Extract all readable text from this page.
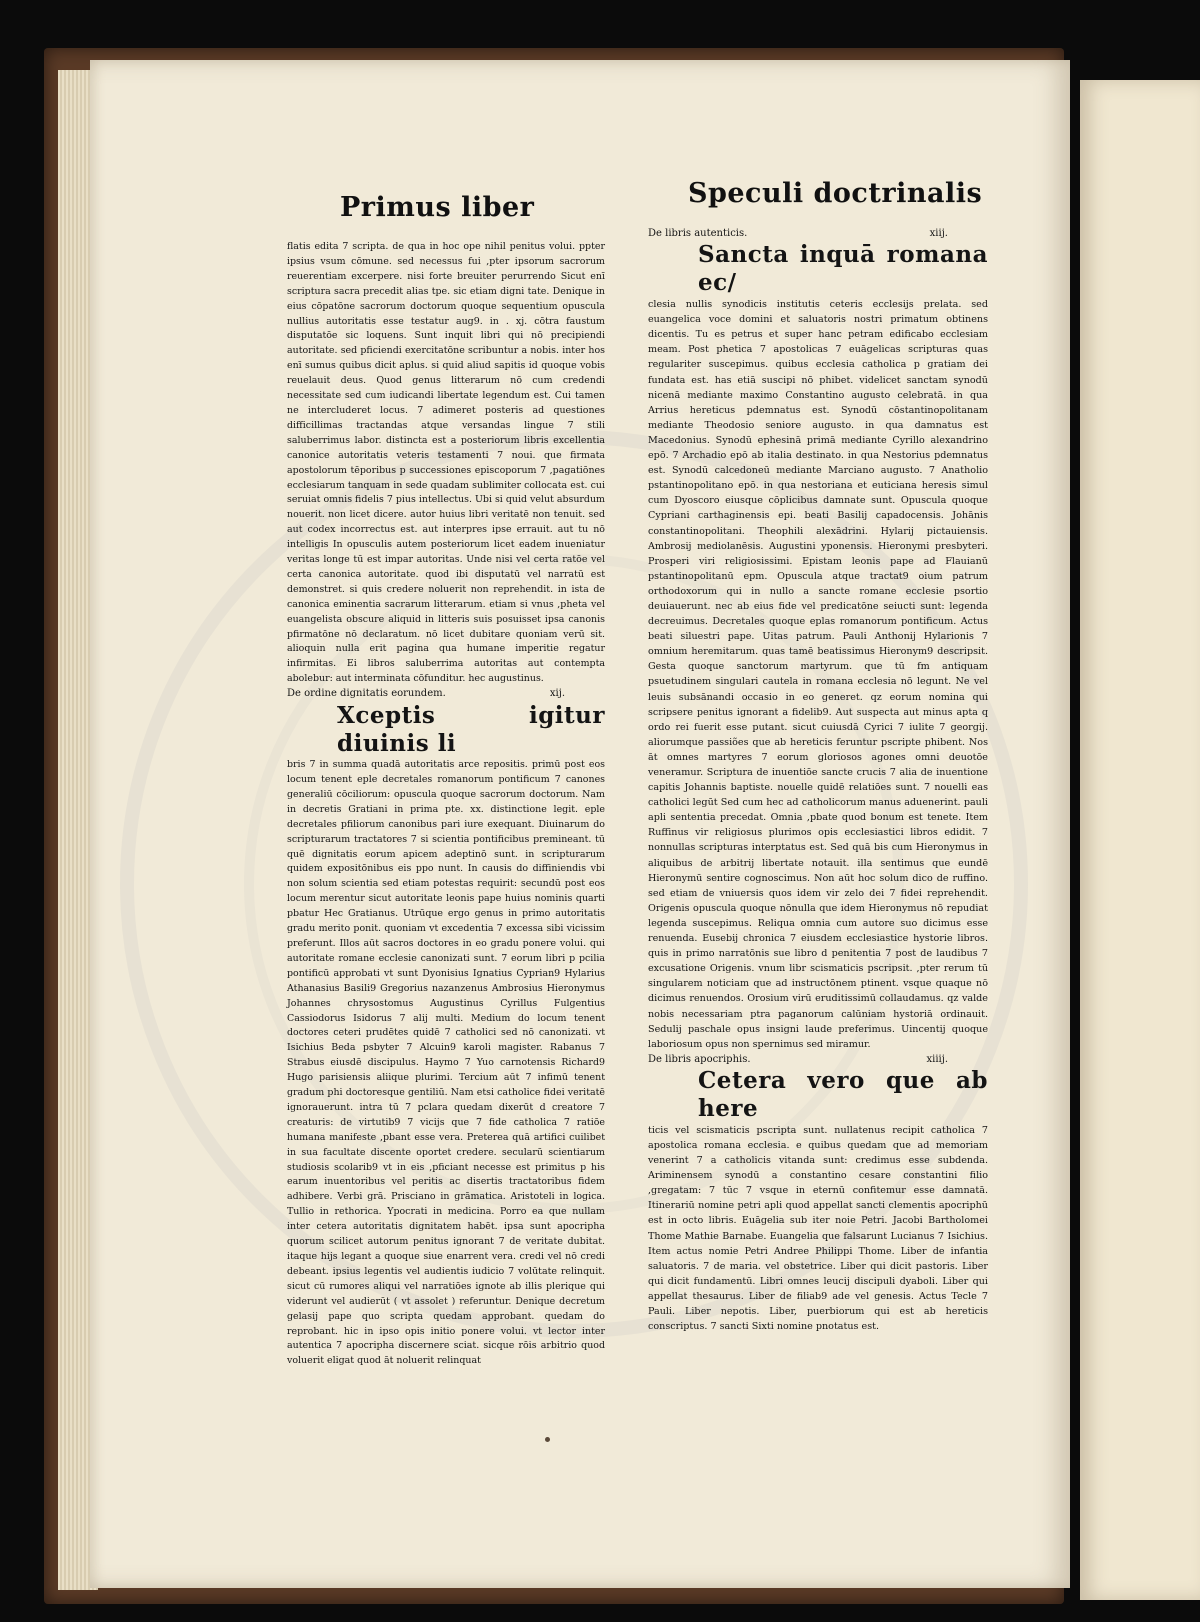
Primus liber	Speculi doctrinalis
flatis edita 7 scripta. de qua in hoc ope nihil penitus volui. ppter ipsius vsum cōmune. sed necessus fui ,pter ipsorum sacrorum reuerentiam excerpere. nisi forte breuiter perurrendo Sicut enī scriptura sacra precedit alias tpe. sic etiam digni tate. Denique in eius cōpatōne sacrorum doctorum quoque sequentium opuscula nullius autoritatis esse testatur aug9. in . xj. cōtra faustum disputatōe sic loquens. Sunt inquit libri qui nō precipiendi autoritate. sed pficiendi exercitatōne scribuntur a nobis. inter hos enī sumus quibus dicit aplus. si quid aliud sapitis id quoque vobis reuelauit deus. Quod genus litterarum nō cum credendi necessitate sed cum iudicandi libertate legendum est. Cui tamen ne intercluderet locus. 7 adimeret posteris ad questiones difficillimas tractandas atque versandas lingue 7 stili saluberrimus labor. distincta est a posteriorum libris excellentia canonice autoritatis veteris testamenti 7 noui. que firmata apostolorum tēporibus p successiones episcoporum 7 ,pagatiōnes ecclesiarum tanquam in sede quadam sublimiter collocata est. cui seruiat omnis fidelis 7 pius intellectus. Ubi si quid velut absurdum nouerit. non licet dicere. autor huius libri veritatē non tenuit. sed aut codex incorrectus est. aut interpres ipse errauit. aut tu nō intelligis In opusculis autem posteriorum licet eadem inueniatur veritas longe tū est impar autoritas. Unde nisi vel certa ratōe vel certa canonica autoritate. quod ibi disputatū vel narratū est demonstret. si quis credere noluerit non reprehendit. in ista de canonica eminentia sacrarum litterarum. etiam si vnus ,pheta vel euangelista obscure aliquid in litteris suis posuisset ipsa canonis pfirmatōne nō declaratum. nō licet dubitare quoniam verū sit. alioquin nulla erit pagina qua humane imperitie regatur infirmitas. Ei libros saluberrima autoritas aut contempta abolebur: aut interminata cōfunditur. hec augustinus.
De ordine dignitatis eorundem.	xij.
Xceptis igitur diuinis li
bris 7 in summa quadā autoritatis arce repositis. primū post eos locum tenent eple decretales romanorum pontificum 7 canones generaliū cōciliorum: opuscula quoque sacrorum doctorum. Nam in decretis Gratiani in prima pte. xx. distinctione legit. eple decretales pfiliorum canonibus pari iure exequant. Diuinarum do scripturarum tractatores 7 si scientia pontificibus premineant. tū quē dignitatis eorum apicem adeptinō sunt. in scripturarum quidem expositōnibus eis ppo nunt. In causis do diffiniendis vbi non solum scientia sed etiam potestas requirit: secundū post eos locum merentur sicut autoritate leonis pape huius nominis quarti pbatur Hec Gratianus. Utrūque ergo genus in primo autoritatis gradu merito ponit. quoniam vt excedentia 7 excessa sibi vicissim preferunt. Illos aūt sacros doctores in eo gradu ponere volui. qui autoritate romane ecclesie canonizati sunt. 7 eorum libri p pcilia pontificū approbati vt sunt Dyonisius Ignatius Cyprian9 Hylarius Athanasius Basili9 Gregorius nazanzenus Ambrosius Hieronymus Johannes chrysostomus Augustinus Cyrillus Fulgentius Cassiodorus Isidorus 7 alij multi. Medium do locum tenent doctores ceteri prudētes quidē 7 catholici sed nō canonizati. vt Isichius Beda psbyter 7 Alcuin9 karoli magister. Rabanus 7 Strabus eiusdē discipulus. Haymo 7 Yuo carnotensis Richard9 Hugo parisiensis aliique plurimi. Tercium aūt 7 infimū tenent gradum phi doctoresque gentiliū. Nam etsi catholice fidei veritatē ignorauerunt. intra tū 7 pclara quedam dixerūt d creatore 7 creaturis: de virtutib9 7 vicijs que 7 fide catholica 7 ratiōe humana manifeste ,pbant esse vera. Preterea quā artifici cuilibet in sua facultate discente oportet credere. secularū scientiarum studiosis scolarib9 vt in eis ,pficiant necesse est primitus p his earum inuentoribus vel peritis ac disertis tractatoribus fidem adhibere. Verbi grā. Prisciano in grāmatica. Aristoteli in logica. Tullio in rethorica. Ypocrati in medicina. Porro ea que nullam inter cetera autoritatis dignitatem habēt. ipsa sunt apocripha quorum scilicet autorum penitus ignorant 7 de veritate dubitat. itaque hijs legant a quoque siue enarrent vera. credi vel nō credi debeant. ipsius legentis vel audientis iudicio 7 volūtate relinquit. sicut cū rumores aliqui vel narratiōes ignote ab illis plerique qui viderunt vel audierūt ( vt assolet ) referuntur. Denique decretum gelasij pape quo scripta quedam approbant. quedam do reprobant. hic in ipso opis initio ponere volui. vt lector inter autentica 7 apocripha discernere sciat. sicque rōis arbitrio quod voluerit eligat quod āt noluerit relinquat
De libris autenticis.	xiij.
Sancta inquā romana ec/
clesia nullis synodicis institutis ceteris ecclesijs prelata. sed euangelica voce domini et saluatoris nostri primatum obtinens dicentis. Tu es petrus et super hanc petram edificabo ecclesiam meam. Post phetica 7 apostolicas 7 euāgelicas scripturas quas regulariter suscepimus. quibus ecclesia catholica p gratiam dei fundata est. has etiā suscipi nō phibet. videlicet sanctam synodū nicenā mediante maximo Constantino augusto celebratā. in qua Arrius hereticus pdemnatus est. Synodū cōstantinopolitanam mediante Theodosio seniore augusto. in qua damnatus est Macedonius. Synodū ephesinā primā mediante Cyrillo alexandrino epō. 7 Archadio epō ab italia destinato. in qua Nestorius pdemnatus est. Synodū calcedoneū mediante Marciano augusto. 7 Anatholio pstantinopolitano epō. in qua nestoriana et euticiana heresis simul cum Dyoscoro eiusque cōplicibus damnate sunt. Opuscula quoque Cypriani carthaginensis epi. beati Basilij capadocensis. Johānis constantinopolitani. Theophili alexādrini. Hylarij pictauiensis. Ambrosij mediolanēsis. Augustini yponensis. Hieronymi presbyteri. Prosperi viri religiosissimi. Epistam leonis pape ad Flauianū pstantinopolitanū epm. Opuscula atque tractat9 oium patrum orthodoxorum qui in nullo a sancte romane ecclesie psortio deuiauerunt. nec ab eius fide vel predicatōne seiucti sunt: legenda decreuimus. Decretales quoque eplas romanorum pontificum. Actus beati siluestri pape. Uitas patrum. Pauli Anthonij Hylarionis 7 omnium heremitarum. quas tamē beatissimus Hieronym9 descripsit. Gesta quoque sanctorum martyrum. que tū fm antiquam psuetudinem singulari cautela in romana ecclesia nō legunt. Ne vel leuis subsānandi occasio in eo generet. qz eorum nomina qui scripsere penitus ignorant a fidelib9. Aut suspecta aut minus apta q ordo rei fuerit esse putant. sicut cuiusdā Cyrici 7 iulite 7 georgij. aliorumque passiões que ab hereticis feruntur pscripte phibent. Nos āt omnes martyres 7 eorum gloriosos agones omni deuotōe veneramur. Scriptura de inuentiōe sancte crucis 7 alia de inuentione capitis Johannis baptiste. nouelle quidē relatiōes sunt. 7 nouelli eas catholici legūt Sed cum hec ad catholicorum manus aduenerint. pauli apli sententia precedat. Omnia ,pbate quod bonum est tenete. Item Ruffinus vir religiosus plurimos opis ecclesiastici libros edidit. 7 nonnullas scripturas interptatus est. Sed quā bis cum Hieronymus in aliquibus de arbitrij libertate notauit. illa sentimus que eundē Hieronymū sentire cognoscimus. Non aūt hoc solum dico de ruffino. sed etiam de vniuersis quos idem vir zelo dei 7 fidei reprehendit. Origenis opuscula quoque nōnulla que idem Hieronymus nō repudiat legenda suscepimus. Reliqua omnia cum autore suo dicimus esse renuenda. Eusebij chronica 7 eiusdem ecclesiastice hystorie libros. quis in primo narratōnis sue libro d penitentia 7 post de laudibus 7 excusatione Origenis. vnum libr scismaticis pscripsit. ,pter rerum tū singularem noticiam que ad instructōnem ptinent. vsque quaque nō dicimus renuendos. Orosium virū eruditissimū collaudamus. qz valde nobis necessariam ptra paganorum calūniam hystoriā ordinauit. Sedulij paschale opus insigni laude preferimus. Uincentij quoque laboriosum opus non spernimus sed miramur.
De libris apocriphis.	xiiij.
Cetera vero que ab here
ticis vel scismaticis pscripta sunt. nullatenus recipit catholica 7 apostolica romana ecclesia. e quibus quedam que ad memoriam venerint 7 a catholicis vitanda sunt: credimus esse subdenda. Ariminensem synodū a constantino cesare constantini filio ,gregatam: 7 tūc 7 vsque in eternū confitemur esse damnatā. Itinerariū nomine petri apli quod appellat sancti clementis apocriphū est in octo libris. Euāgelia sub iter noie Petri. Jacobi Bartholomei Thome Mathie Barnabe. Euangelia que falsarunt Lucianus 7 Isichius. Item actus nomie Petri Andree Philippi Thome. Liber de infantia saluatoris. 7 de maria. vel obstetrice. Liber qui dicit pastoris. Liber qui dicit fundamentū. Libri omnes leucij discipuli dyaboli. Liber qui appellat thesaurus. Liber de filiab9 ade vel genesis. Actus Tecle 7 Pauli. Liber nepotis. Liber, puerbiorum qui est ab hereticis conscriptus. 7 sancti Sixti nomine pnotatus est.
